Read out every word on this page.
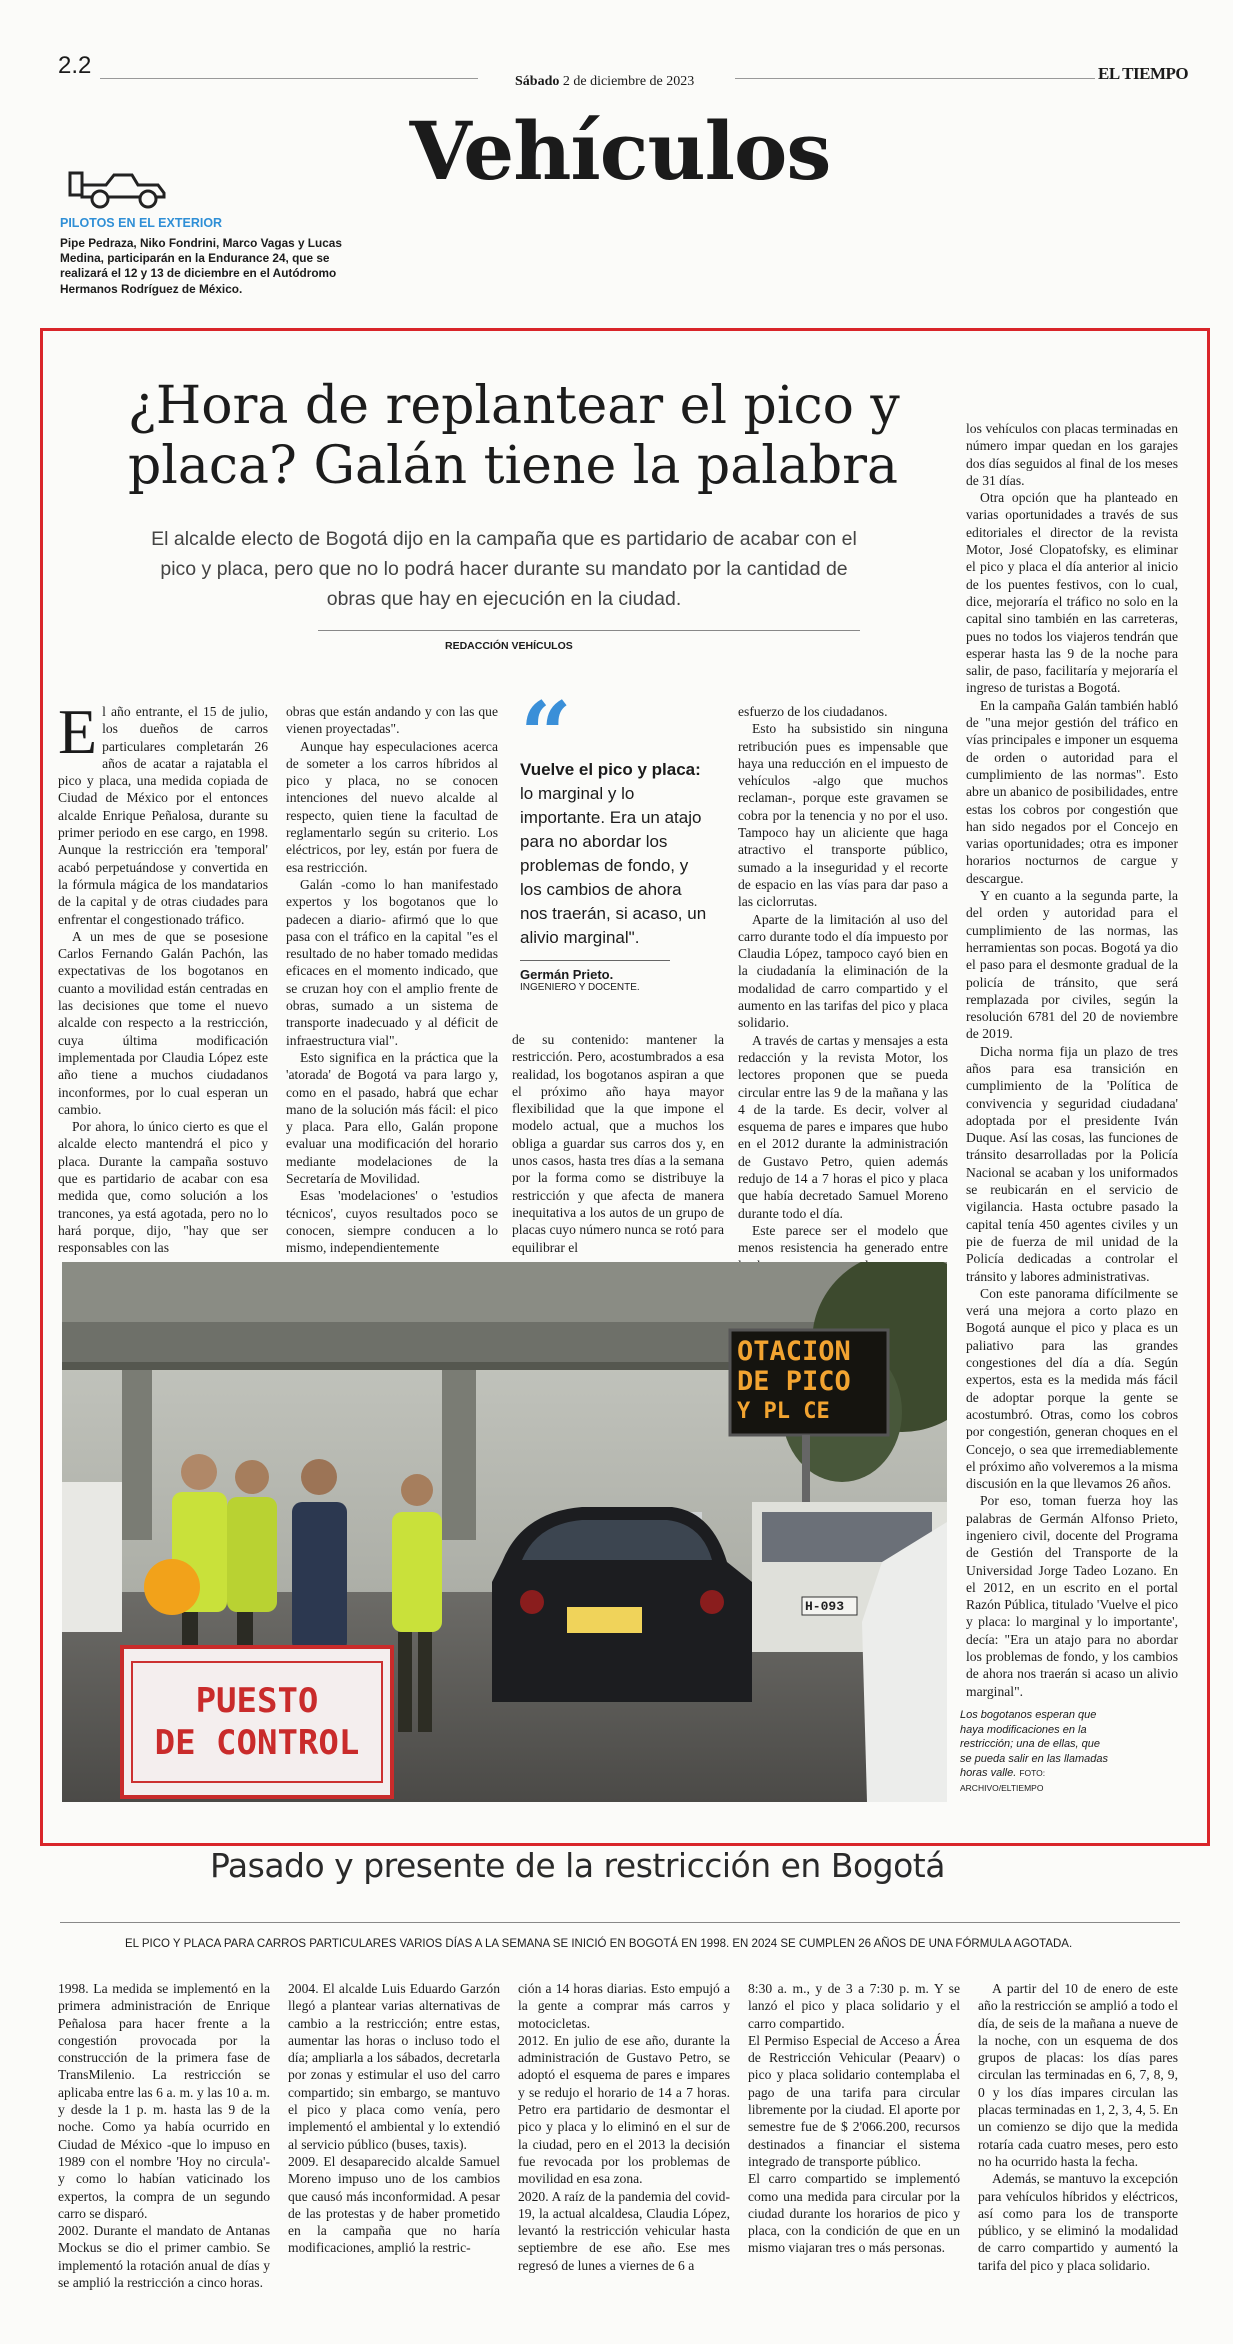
2.2
Sábado 2 de diciembre de 2023	EL TIEMPO
Vehículos
PILOTOS EN EL EXTERIOR
Pipe Pedraza, Niko Fondrini, Marco Vagas y Lucas Medina, participarán en la Endurance 24, que se realizará el 12 y 13 de diciembre en el Autódromo Hermanos Rodríguez de México.
¿Hora de replantear el pico y
placa? Galán tiene la palabra
El alcalde electo de Bogotá dijo en la campaña que es partidario de acabar con el pico y placa, pero que no lo podrá hacer durante su mandato por la cantidad de obras que hay en ejecución en la ciudad.
REDACCIÓN VEHÍCULOS

El año entrante, el 15 de julio, los dueños de carros particulares completarán 26 años de acatar a rajatabla el pico y placa, una medida copiada de Ciudad de México por el entonces alcalde Enrique Peñalosa, durante su primer periodo en ese cargo, en 1998. Aunque la restricción era 'temporal' acabó perpetuándose y convertida en la fórmula mágica de los mandatarios de la capital y de otras ciudades para enfrentar el congestionado tráfico.

A un mes de que se posesione Carlos Fernando Galán Pachón, las expectativas de los bogotanos en cuanto a movilidad están centradas en las decisiones que tome el nuevo alcalde con respecto a la restricción, cuya última modificación implementada por Claudia López este año tiene a muchos ciudadanos inconformes, por lo cual esperan un cambio.

Por ahora, lo único cierto es que el alcalde electo mantendrá el pico y placa. Durante la campaña sostuvo que es partidario de acabar con esa medida que, como solución a los trancones, ya está agotada, pero no lo hará porque, dijo, "hay que ser responsables con las

obras que están andando y con las que vienen proyectadas".

Aunque hay especulaciones acerca de someter a los carros híbridos al pico y placa, no se conocen intenciones del nuevo alcalde al respecto, quien tiene la facultad de reglamentarlo según su criterio. Los eléctricos, por ley, están por fuera de esa restricción.

Galán -como lo han manifestado expertos y los bogotanos que lo padecen a diario- afirmó que lo que pasa con el tráfico en la capital "es el resultado de no haber tomado medidas eficaces en el momento indicado, que se cruzan hoy con el amplio frente de obras, sumado a un sistema de transporte inadecuado y al déficit de infraestructura vial".

Esto significa en la práctica que la 'atorada' de Bogotá va para largo y, como en el pasado, habrá que echar mano de la solución más fácil: el pico y placa. Para ello, Galán propone evaluar una modificación del horario mediante modelaciones de la Secretaría de Movilidad.

Esas 'modelaciones' o 'estudios técnicos', cuyos resultados poco se conocen, siempre conducen a lo mismo, independientemente

“
Vuelve el pico y placa: lo marginal y lo importante. Era un atajo para no abordar los problemas de fondo, y los cambios de ahora nos traerán, si acaso, un alivio marginal".
Germán Prieto.
INGENIERO Y DOCENTE.

de su contenido: mantener la restricción. Pero, acostumbrados a esa realidad, los bogotanos aspiran a que el próximo año haya mayor flexibilidad que la que impone el modelo actual, que a muchos los obliga a guardar sus carros dos y, en unos casos, hasta tres días a la semana por la forma como se distribuye la restricción y que afecta de manera inequitativa a los autos de un grupo de placas cuyo número nunca se rotó para equilibrar el

esfuerzo de los ciudadanos.

Esto ha subsistido sin ninguna retribución pues es impensable que haya una reducción en el impuesto de vehículos -algo que muchos reclaman-, porque este gravamen se cobra por la tenencia y no por el uso. Tampoco hay un aliciente que haga atractivo el transporte público, sumado a la inseguridad y el recorte de espacio en las vías para dar paso a las ciclorrutas.

Aparte de la limitación al uso del carro durante todo el día impuesto por Claudia López, tampoco cayó bien en la ciudadanía la eliminación de la modalidad de carro compartido y el aumento en las tarifas del pico y placa solidario.

A través de cartas y mensajes a esta redacción y la revista Motor, los lectores proponen que se pueda circular entre las 9 de la mañana y las 4 de la tarde. Es decir, volver al esquema de pares e impares que hubo en el 2012 durante la administración de Gustavo Petro, quien además redujo de 14 a 7 horas el pico y placa que había decretado Samuel Moreno durante todo el día.

Este parece ser el modelo que menos resistencia ha generado entre

los vehículos con placas terminadas en número impar quedan en los garajes dos días seguidos al final de los meses de 31 días.

Otra opción que ha planteado en varias oportunidades a través de sus editoriales el director de la revista Motor, José Clopatofsky, es eliminar el pico y placa el día anterior al inicio de los puentes festivos, con lo cual, dice, mejoraría el tráfico no solo en la capital sino también en las carreteras, pues no todos los viajeros tendrán que esperar hasta las 9 de la noche para salir, de paso, facilitaría y mejoraría el ingreso de turistas a Bogotá.

En la campaña Galán también habló de "una mejor gestión del tráfico en vías principales e imponer un esquema de orden o autoridad para el cumplimiento de las normas". Esto abre un abanico de posibilidades, entre estas los cobros por congestión que han sido negados por el Concejo en varias oportunidades; otra es imponer horarios nocturnos de cargue y descargue.

Y en cuanto a la segunda parte, la del orden y autoridad para el cumplimiento de las normas, las herramientas son pocas. Bogotá ya dio el paso para el desmonte gradual de la policía de tránsito, que será remplazada por civiles, según la resolución 6781 del 20 de noviembre de 2019.

Dicha norma fija un plazo de tres años para esa transición en cumplimiento de la 'Política de convivencia y seguridad ciudadana' adoptada por el presidente Iván Duque. Así las cosas, las funciones de tránsito desarrolladas por la Policía Nacional se acaban y los uniformados se reubicarán en el servicio de vigilancia. Hasta octubre pasado la capital tenía 450 agentes civiles y un pie de fuerza de mil unidad de la Policía dedicadas a controlar el tránsito y labores administrativas.

Con este panorama difícilmente se verá una mejora a corto plazo en Bogotá aunque el pico y placa es un paliativo para las grandes congestiones del día a día. Según expertos, esta es la medida más fácil de adoptar porque la gente se acostumbró. Otras, como los cobros por congestión, generan choques en el Concejo, o sea que irremediablemente el próximo año volveremos a la misma discusión en la que llevamos 26 años.

Por eso, toman fuerza hoy las palabras de Germán Alfonso Prieto, ingeniero civil, docente del Programa de Gestión del Transporte de la Universidad Jorge Tadeo Lozano. En el 2012, en un escrito en el portal Razón Pública, titulado 'Vuelve el pico y placa: lo marginal y lo importante', decía: "Era un atajo para no abordar los problemas de fondo, y los cambios de ahora nos traerán si acaso un alivio marginal".

OTACION
DE PICO
Y PL CE
PUESTO
DE CONTROL
H-093
Los bogotanos esperan que haya modificaciones en la restricción; una de ellas, que se pueda salir en las llamadas horas valle. FOTO: ARCHIVO/ELTIEMPO
Pasado y presente de la restricción en Bogotá
EL PICO Y PLACA PARA CARROS PARTICULARES VARIOS DÍAS A LA SEMANA SE INICIÓ EN BOGOTÁ EN 1998. EN 2024 SE CUMPLEN 26 AÑOS DE UNA FÓRMULA AGOTADA.

1998. La medida se implementó en la primera administración de Enrique Peñalosa para hacer frente a la congestión provocada por la construcción de la primera fase de TransMilenio. La restricción se aplicaba entre las 6 a. m. y las 10 a. m. y desde la 1 p. m. hasta las 9 de la noche. Como ya había ocurrido en Ciudad de México -que lo impuso en 1989 con el nombre 'Hoy no circula'- y como lo habían vaticinado los expertos, la compra de un segundo carro se disparó.

2002. Durante el mandato de Antanas Mockus se dio el primer cambio. Se implementó la rotación anual de días y se amplió la restricción a cinco horas.

2004. El alcalde Luis Eduardo Garzón llegó a plantear varias alternativas de cambio a la restricción; entre estas, aumentar las horas o incluso todo el día; ampliarla a los sábados, decretarla por zonas y estimular el uso del carro compartido; sin embargo, se mantuvo el pico y placa como venía, pero implementó el ambiental y lo extendió al servicio público (buses, taxis).

2009. El desaparecido alcalde Samuel Moreno impuso uno de los cambios que causó más inconformidad. A pesar de las protestas y de haber prometido en la campaña que no haría modificaciones, amplió la restric-

ción a 14 horas diarias. Esto empujó a la gente a comprar más carros y motocicletas.

2012. En julio de ese año, durante la administración de Gustavo Petro, se adoptó el esquema de pares e impares y se redujo el horario de 14 a 7 horas. Petro era partidario de desmontar el pico y placa y lo eliminó en el sur de la ciudad, pero en el 2013 la decisión fue revocada por los problemas de movilidad en esa zona.

2020. A raíz de la pandemia del covid-19, la actual alcaldesa, Claudia López, levantó la restricción vehicular hasta septiembre de ese año. Ese mes regresó de lunes a viernes de 6 a

8:30 a. m., y de 3 a 7:30 p. m. Y se lanzó el pico y placa solidario y el carro compartido.

El Permiso Especial de Acceso a Área de Restricción Vehicular (Peaarv) o pico y placa solidario contemplaba el pago de una tarifa para circular libremente por la ciudad. El aporte por semestre fue de $ 2'066.200, recursos destinados a financiar el sistema integrado de transporte público.

El carro compartido se implementó como una medida para circular por la ciudad durante los horarios de pico y placa, con la condición de que en un mismo viajaran tres o más personas.

A partir del 10 de enero de este año la restricción se amplió a todo el día, de seis de la mañana a nueve de la noche, con un esquema de dos grupos de placas: los días pares circulan las terminadas en 6, 7, 8, 9, 0 y los días impares circulan las placas terminadas en 1, 2, 3, 4, 5. En un comienzo se dijo que la medida rotaría cada cuatro meses, pero esto no ha ocurrido hasta la fecha.

Además, se mantuvo la excepción para vehículos híbridos y eléctricos, así como para los de transporte público, y se eliminó la modalidad de carro compartido y aumentó la tarifa del pico y placa solidario.
